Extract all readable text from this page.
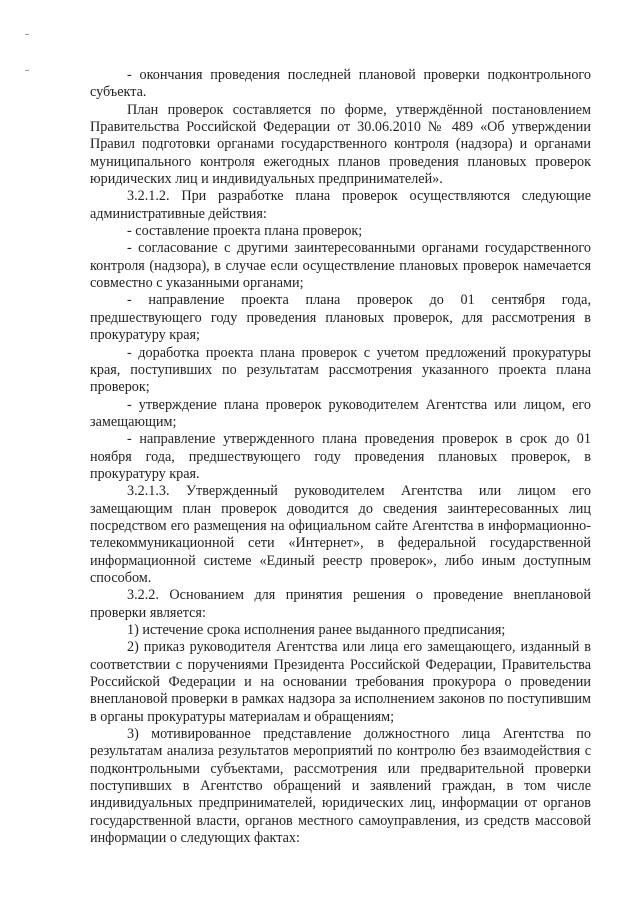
- окончания проведения последней плановой проверки подконтрольного субъекта.

План проверок составляется по форме, утверждённой постановлением Правительства Российской Федерации от 30.06.2010 № 489 «Об утверждении Правил подготовки органами государственного контроля (надзора) и органами муниципального контроля ежегодных планов проведения плановых проверок юридических лиц и индивидуальных предпринимателей».

3.2.1.2. При разработке плана проверок осуществляются следующие административные действия:

- составление проекта плана проверок;

- согласование с другими заинтересованными органами государственного контроля (надзора), в случае если осуществление плановых проверок намечается совместно с указанными органами;

- направление проекта плана проверок до 01 сентября года, предшествующего году проведения плановых проверок, для рассмотрения в прокуратуру края;

- доработка проекта плана проверок с учетом предложений прокуратуры края, поступивших по результатам рассмотрения указанного проекта плана проверок;

- утверждение плана проверок руководителем Агентства или лицом, его замещающим;

- направление утвержденного плана проведения проверок в срок до 01 ноября года, предшествующего году проведения плановых проверок, в прокуратуру края.

3.2.1.3. Утвержденный руководителем Агентства или лицом его замещающим план проверок доводится до сведения заинтересованных лиц посредством его размещения на официальном сайте Агентства в информационно-телекоммуникационной сети «Интернет», в федеральной государственной информационной системе «Единый реестр проверок», либо иным доступным способом.

3.2.2. Основанием для принятия решения о проведение внеплановой проверки является:

1) истечение срока исполнения ранее выданного предписания;

2) приказ руководителя Агентства или лица его замещающего, изданный в соответствии с поручениями Президента Российской Федерации, Правительства Российской Федерации и на основании требования прокурора о проведении внеплановой проверки в рамках надзора за исполнением законов по поступившим в органы прокуратуры материалам и обращениям;

3) мотивированное представление должностного лица Агентства по результатам анализа результатов мероприятий по контролю без взаимодействия с подконтрольными субъектами, рассмотрения или предварительной проверки поступивших в Агентство обращений и заявлений граждан, в том числе индивидуальных предпринимателей, юридических лиц, информации от органов государственной власти, органов местного самоуправления, из средств массовой информации о следующих фактах:
